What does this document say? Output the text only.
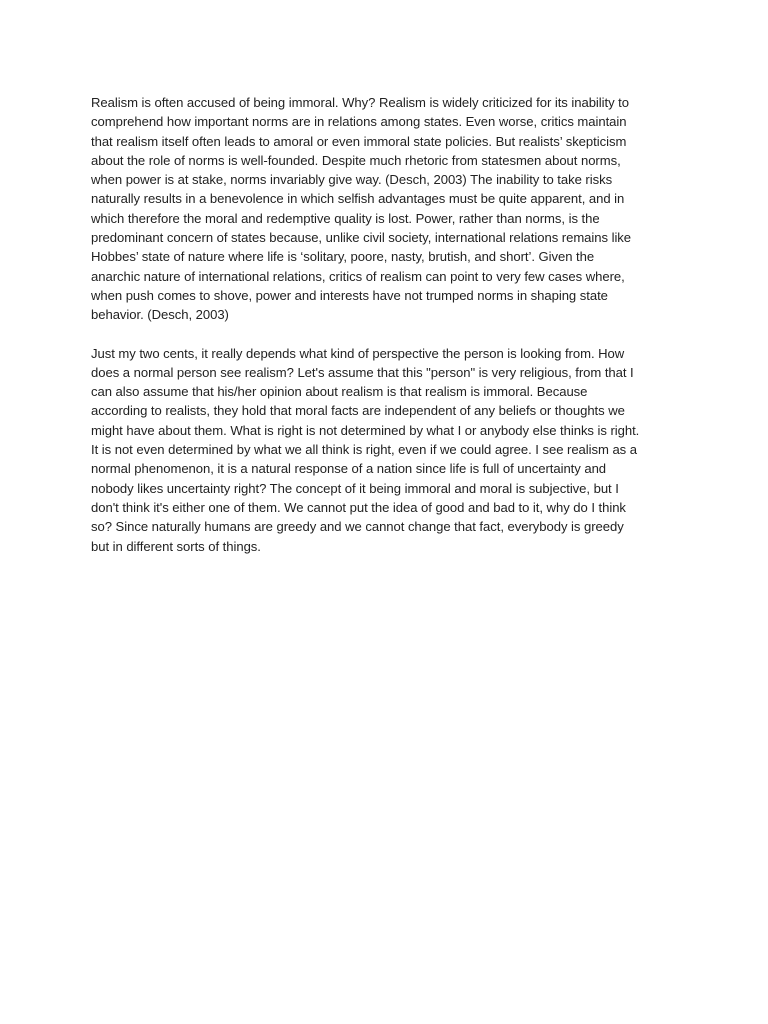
Realism is often accused of being immoral. Why? Realism is widely criticized for its inability to
comprehend how important norms are in relations among states. Even worse, critics maintain
that realism itself often leads to amoral or even immoral state policies. But realists’ skepticism
about the role of norms is well-founded. Despite much rhetoric from statesmen about norms,
when power is at stake, norms invariably give way. (Desch, 2003) The inability to take risks
naturally results in a benevolence in which selfish advantages must be quite apparent, and in
which therefore the moral and redemptive quality is lost. Power, rather than norms, is the
predominant concern of states because, unlike civil society, international relations remains like
Hobbes’ state of nature where life is ‘solitary, poore, nasty, brutish, and short’. Given the
anarchic nature of international relations, critics of realism can point to very few cases where,
when push comes to shove, power and interests have not trumped norms in shaping state
behavior. (Desch, 2003)

Just my two cents, it really depends what kind of perspective the person is looking from. How
does a normal person see realism? Let's assume that this "person" is very religious, from that I
can also assume that his/her opinion about realism is that realism is immoral. Because
according to realists, they hold that moral facts are independent of any beliefs or thoughts we
might have about them. What is right is not determined by what I or anybody else thinks is right.
It is not even determined by what we all think is right, even if we could agree. I see realism as a
normal phenomenon, it is a natural response of a nation since life is full of uncertainty and
nobody likes uncertainty right? The concept of it being immoral and moral is subjective, but I
don't think it's either one of them. We cannot put the idea of good and bad to it, why do I think
so? Since naturally humans are greedy and we cannot change that fact, everybody is greedy
but in different sorts of things.
